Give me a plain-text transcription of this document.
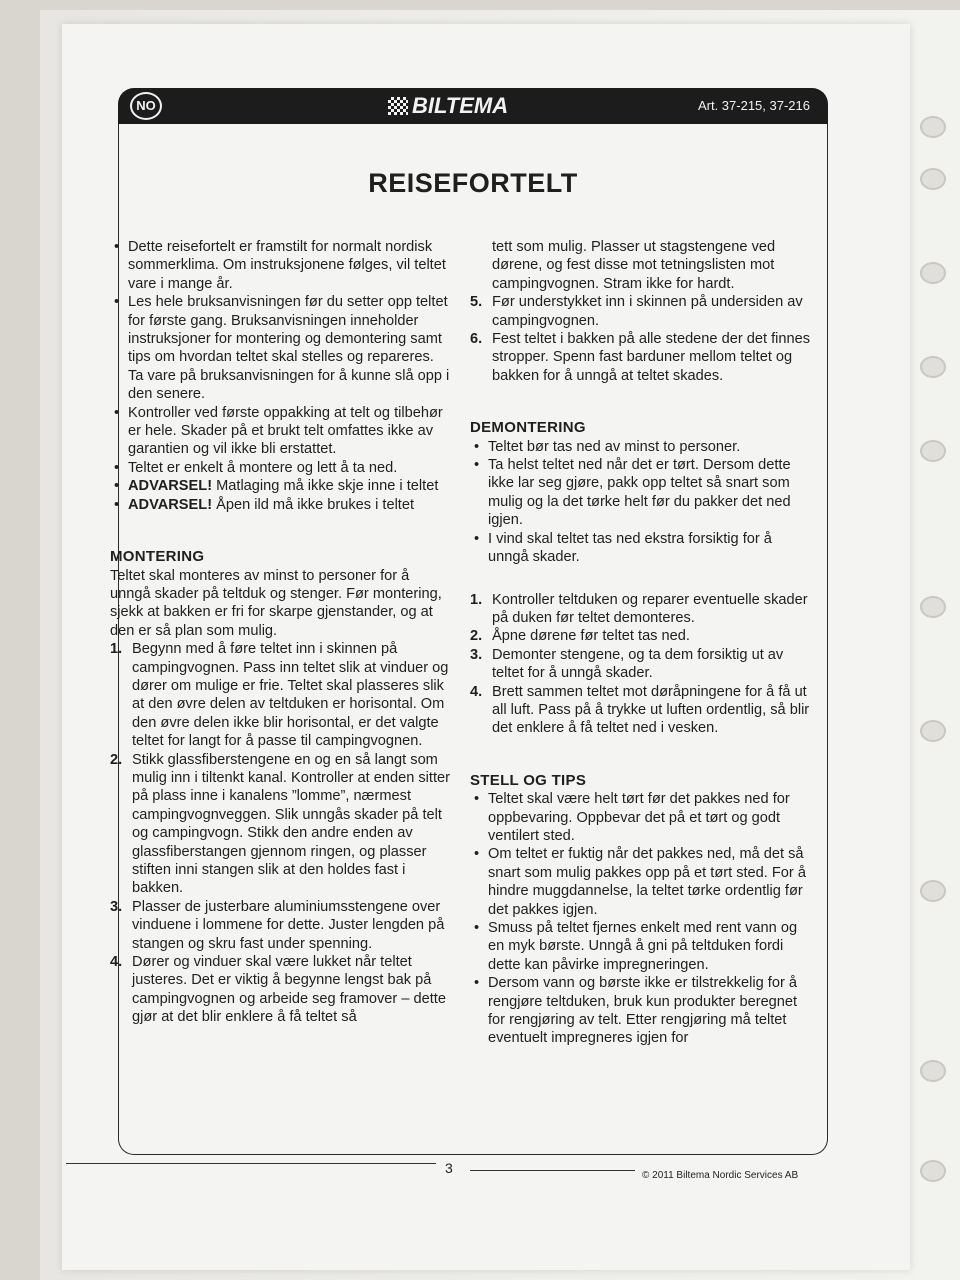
NO	BILTEMA	Art. 37-215, 37-216
REISEFORTELT
• Dette reisefortelt er framstilt for normalt nordisk sommerklima. Om instruksjonene følges, vil teltet vare i mange år.
• Les hele bruksanvisningen før du setter opp teltet for første gang. Bruksanvisningen inneholder instruksjoner for montering og demontering samt tips om hvordan teltet skal stelles og repareres. Ta vare på bruksanvisningen for å kunne slå opp i den senere.
• Kontroller ved første oppakking at telt og tilbehør er hele. Skader på et brukt telt omfattes ikke av garantien og vil ikke bli erstattet.
• Teltet er enkelt å montere og lett å ta ned.
• ADVARSEL! Matlaging må ikke skje inne i teltet
• ADVARSEL! Åpen ild må ikke brukes i teltet

MONTERING

Teltet skal monteres av minst to personer for å unngå skader på teltduk og stenger. Før montering, sjekk at bakken er fri for skarpe gjenstander, og at den er så plan som mulig.

1. Begynn med å føre teltet inn i skinnen på campingvognen. Pass inn teltet slik at vinduer og dører om mulige er frie. Teltet skal plasseres slik at den øvre delen av teltduken er horisontal. Om den øvre delen ikke blir horisontal, er det valgte teltet for langt for å passe til campingvognen.
2. Stikk glassfiberstengene en og en så langt som mulig inn i tiltenkt kanal. Kontroller at enden sitter på plass inne i kanalens ”lomme”, nærmest campingvognveggen. Slik unngås skader på telt og campingvogn. Stikk den andre enden av glassfiberstangen gjennom ringen, og plasser stiften inni stangen slik at den holdes fast i bakken.
3. Plasser de justerbare aluminiumsstengene over vinduene i lommene for dette. Juster lengden på stangen og skru fast under spenning.
4. Dører og vinduer skal være lukket når teltet justeres. Det er viktig å begynne lengst bak på campingvognen og arbeide seg framover – dette gjør at det blir enklere å få teltet så
tett som mulig. Plasser ut stagstengene ved dørene, og fest disse mot tetningslisten mot campingvognen. Stram ikke for hardt.
5. Før understykket inn i skinnen på undersiden av campingvognen.
6. Fest teltet i bakken på alle stedene der det finnes stropper. Spenn fast barduner mellom teltet og bakken for å unngå at teltet skades.

DEMONTERING

• Teltet bør tas ned av minst to personer.
• Ta helst teltet ned når det er tørt. Dersom dette ikke lar seg gjøre, pakk opp teltet så snart som mulig og la det tørke helt før du pakker det ned igjen.
• I vind skal teltet tas ned ekstra forsiktig for å unngå skader.
1. Kontroller teltduken og reparer eventuelle skader på duken før teltet demonteres.
2. Åpne dørene før teltet tas ned.
3. Demonter stengene, og ta dem forsiktig ut av teltet for å unngå skader.
4. Brett sammen teltet mot døråpningene for å få ut all luft. Pass på å trykke ut luften ordentlig, så blir det enklere å få teltet ned i vesken.

STELL OG TIPS

• Teltet skal være helt tørt før det pakkes ned for oppbevaring. Oppbevar det på et tørt og godt ventilert sted.
• Om teltet er fuktig når det pakkes ned, må det så snart som mulig pakkes opp på et tørt sted. For å hindre muggdannelse, la teltet tørke ordentlig før det pakkes igjen.
• Smuss på teltet fjernes enkelt med rent vann og en myk børste. Unngå å gni på teltduken fordi dette kan påvirke impregneringen.
• Dersom vann og børste ikke er tilstrekkelig for å rengjøre teltduken, bruk kun produkter beregnet for rengjøring av telt. Etter rengjøring må teltet eventuelt impregneres igjen for
3	© 2011 Biltema Nordic Services AB
